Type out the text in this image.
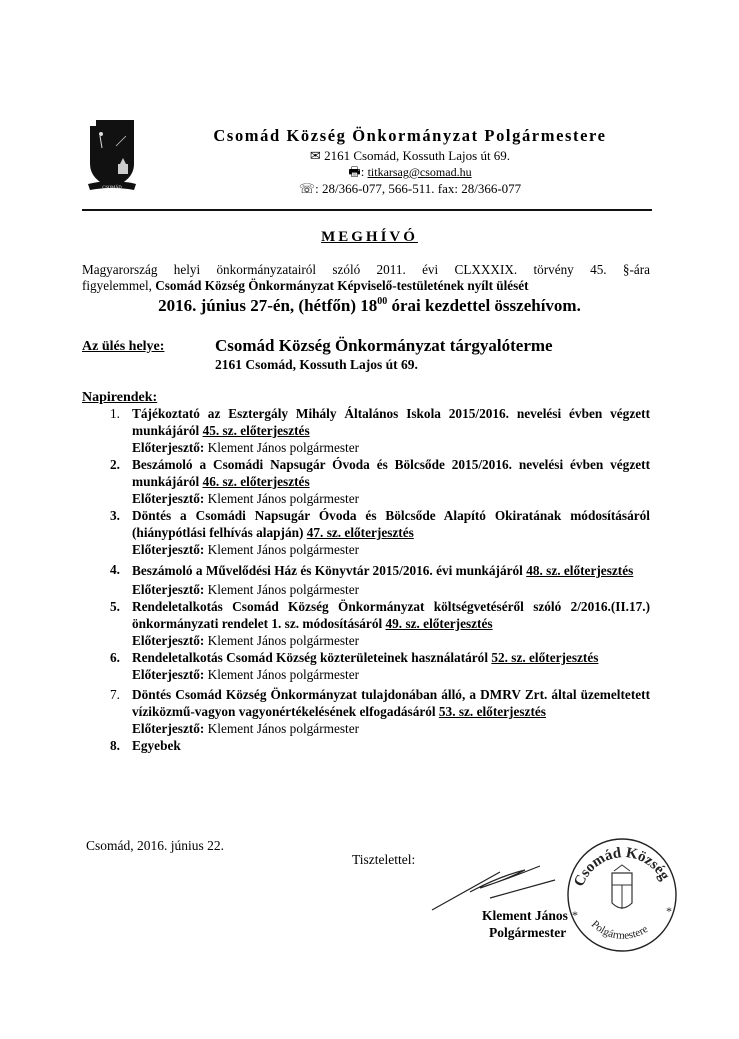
CSOMÁD
Csomád Község Önkormányzat Polgármestere
✉ 2161 Csomád, Kossuth Lajos út 69.
🖶: titkarsag@csomad.hu
☏: 28/366-077, 566-511. fax: 28/366-077
MEGHÍVÓ
Magyarország helyi önkormányzatairól szóló 2011. évi CLXXXIX. törvény 45. §-ára
figyelemmel, Csomád Község Önkormányzat Képviselő-testületének nyílt ülését
2016. június 27-én, (hétfőn) $18^{00}$ órai kezdettel összehívom.
Az ülés helye:	Csomád Község Önkormányzat tárgyalóterme
2161 Csomád, Kossuth Lajos út 69.
Napirendek:
1. Tájékoztató az Esztergály Mihály Általános Iskola 2015/2016. nevelési évben végzett munkájáról 45. sz. előterjesztés
Előterjesztő: Klement János polgármester
2. Beszámoló a Csomádi Napsugár Óvoda és Bölcsőde 2015/2016. nevelési évben végzett munkájáról 46. sz. előterjesztés
Előterjesztő: Klement János polgármester
3. Döntés a Csomádi Napsugár Óvoda és Bölcsőde Alapító Okiratának módosításáról (hiánypótlási felhívás alapján) 47. sz. előterjesztés
Előterjesztő: Klement János polgármester
4. Beszámoló a Művelődési Ház és Könyvtár 2015/2016. évi munkájáról 48. sz. előterjesztés
Előterjesztő: Klement János polgármester
5. Rendeletalkotás Csomád Község Önkormányzat költségvetéséről szóló 2/2016.(II.17.) önkormányzati rendelet 1. sz. módosításáról 49. sz. előterjesztés
Előterjesztő: Klement János polgármester
6. Rendeletalkotás Csomád Község közterületeinek használatáról 52. sz. előterjesztés
Előterjesztő: Klement János polgármester
7. Döntés Csomád Község Önkormányzat tulajdonában álló, a DMRV Zrt. által üzemeltetett víziközmű-vagyon vagyonértékelésének elfogadásáról 53. sz. előterjesztés
Előterjesztő: Klement János polgármester
8. Egyebek
Csomád, 2016. június 22.
Tisztelettel:
Klement János
Polgármester
Csomád Község
Polgármestere
*
*
